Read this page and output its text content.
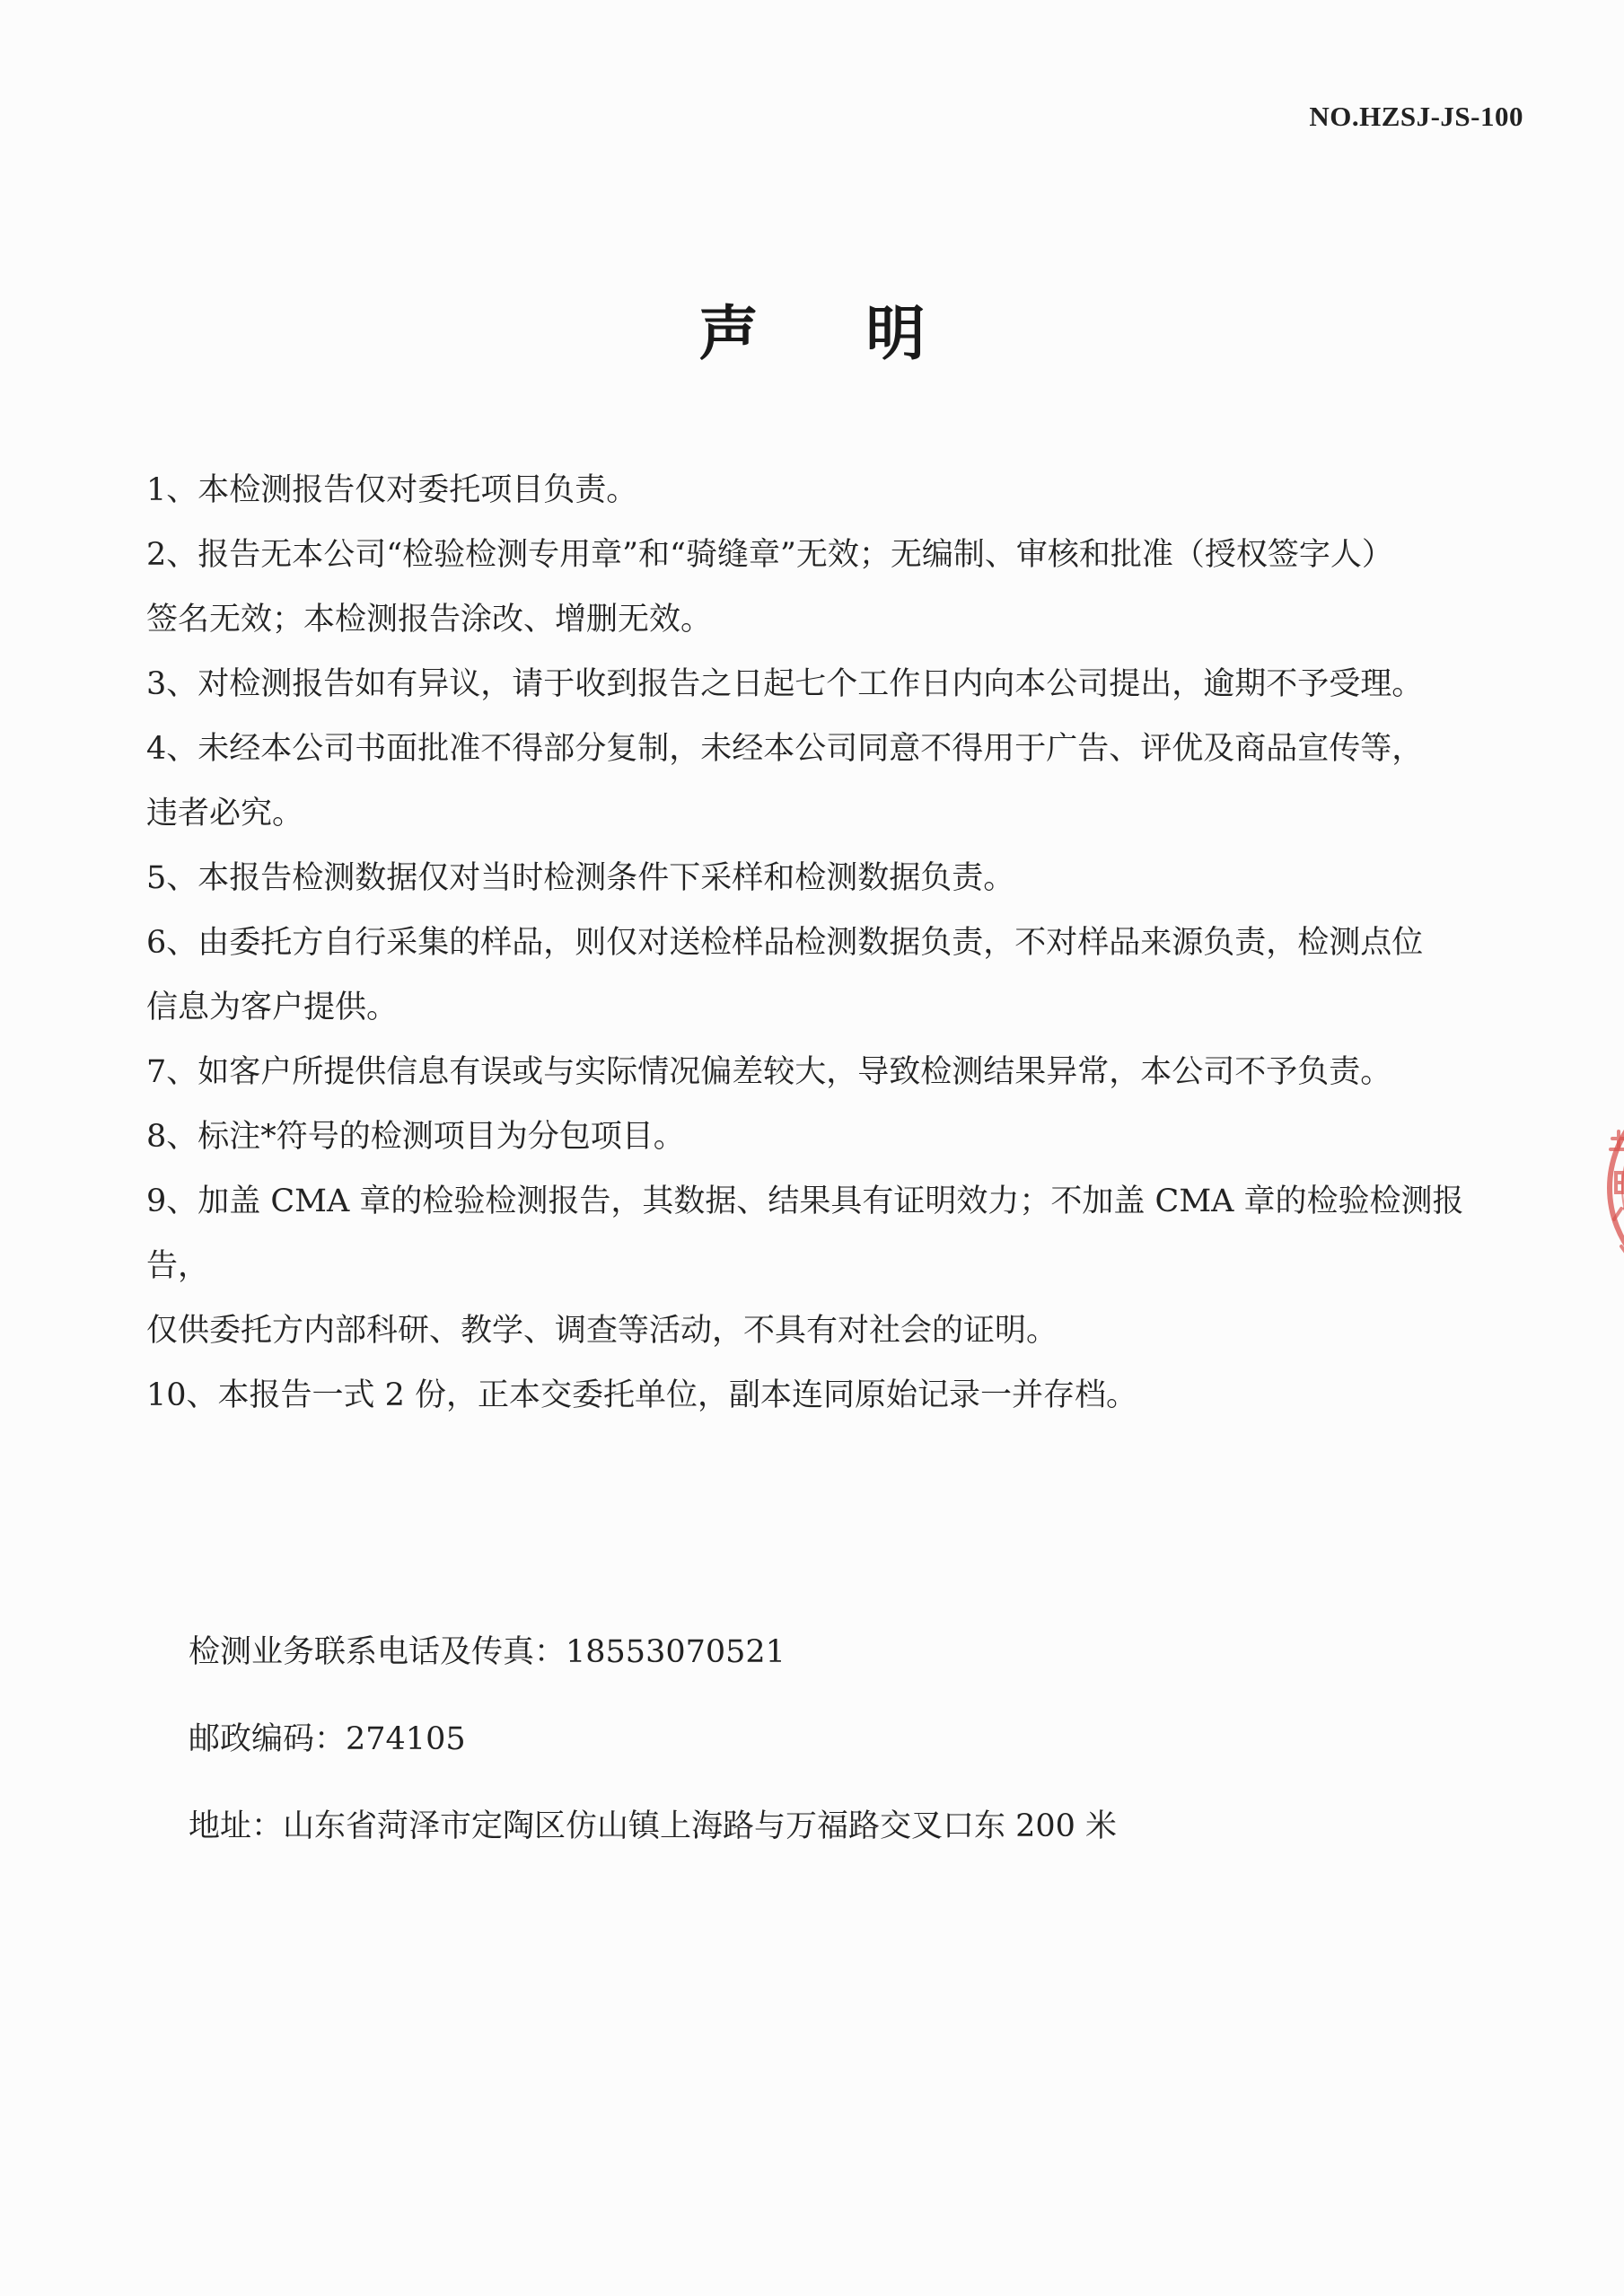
NO.HZSJ-JS-100
声明

1、本检测报告仅对委托项目负责。

2、报告无本公司“检验检测专用章”和“骑缝章”无效；无编制、审核和批准（授权签字人）

签名无效；本检测报告涂改、增删无效。

3、对检测报告如有异议，请于收到报告之日起七个工作日内向本公司提出，逾期不予受理。

4、未经本公司书面批准不得部分复制，未经本公司同意不得用于广告、评优及商品宣传等，

违者必究。

5、本报告检测数据仅对当时检测条件下采样和检测数据负责。

6、由委托方自行采集的样品，则仅对送检样品检测数据负责，不对样品来源负责，检测点位

信息为客户提供。

7、如客户所提供信息有误或与实际情况偏差较大，导致检测结果异常，本公司不予负责。

8、标注*符号的检测项目为分包项目。

9、加盖 CMA 章的检验检测报告，其数据、结果具有证明效力；不加盖 CMA 章的检验检测报告，

仅供委托方内部科研、教学、调查等活动，不具有对社会的证明。

10、本报告一式 2 份，正本交委托单位，副本连同原始记录一并存档。

检测业务联系电话及传真：18553070521
邮政编码：274105
地址：山东省菏泽市定陶区仿山镇上海路与万福路交叉口东 200 米
